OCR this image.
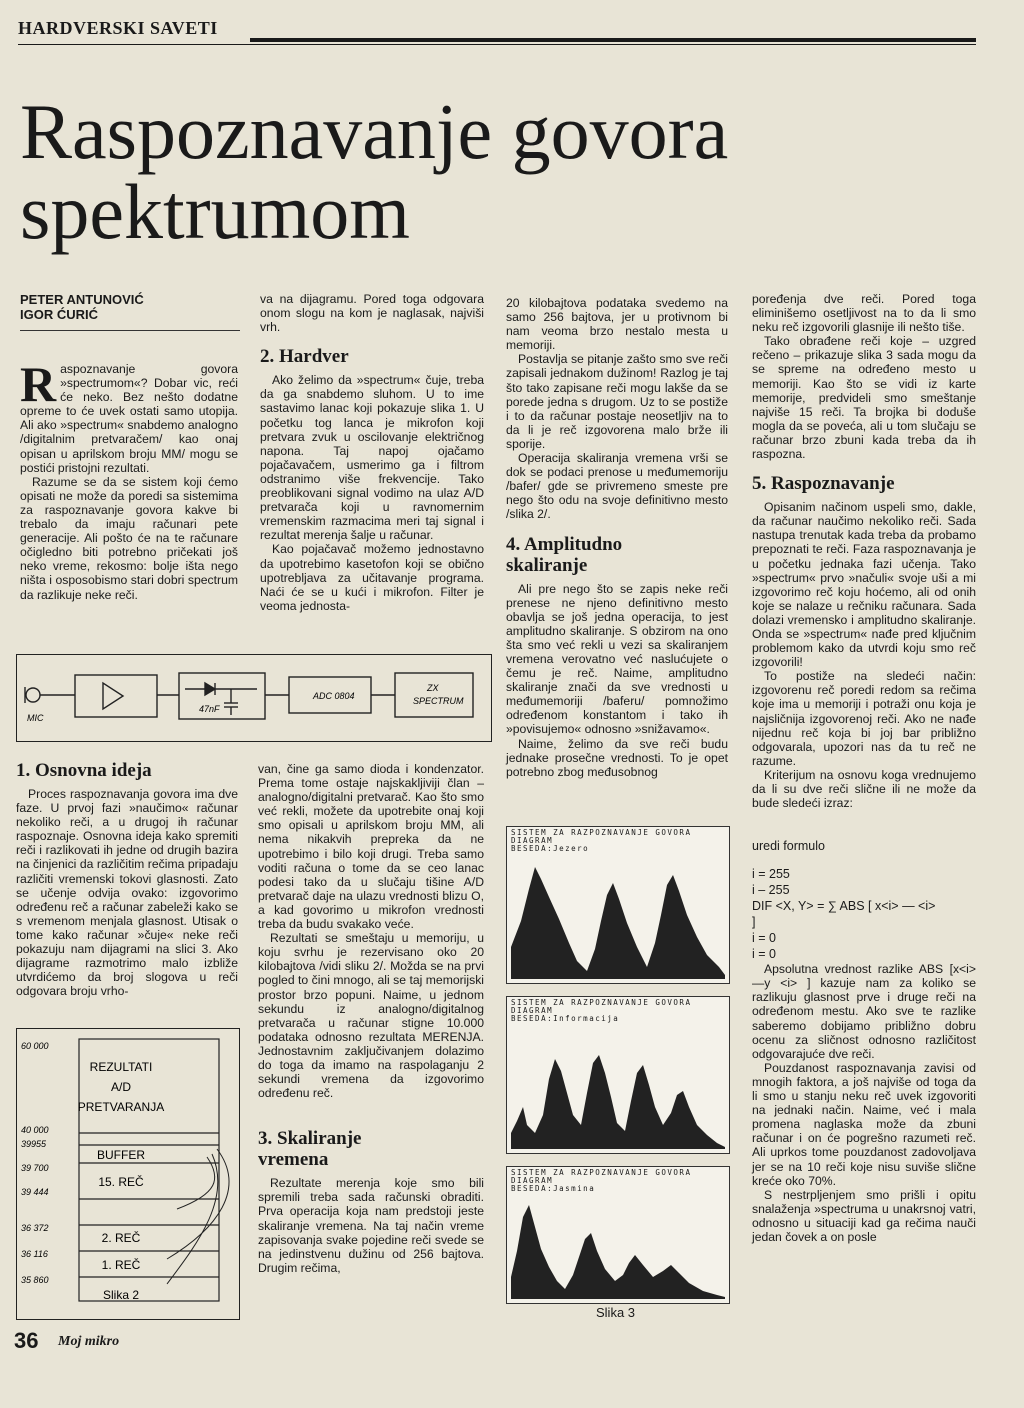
HARDVERSKI SAVETI
Raspoznavanje govora
spektrumom
PETER ANTUNOVIĆ
IGOR ĆURIĆ

Raspoznavanje govora »spectrumom«? Dobar vic, reći će neko. Bez nešto dodatne opreme to će uvek ostati samo utopija. Ali ako »spectrum« snabdemo analogno /digitalnim pretvaračem/ kao onaj opisan u aprilskom broju MM/ mogu se postići pristojni rezultati.

Razume se da se sistem koji ćemo opisati ne može da poredi sa sistemima za raspoznavanje govora kakve bi trebalo da imaju računari pete generacije. Ali pošto će na te računare očigledno biti potrebno pričekati još neko vreme, rekosmo: bolje išta nego ništa i osposobismo stari dobri spectrum da razlikuje neke reči.

va na dijagramu. Pored toga odgovara onom slogu na kom je naglasak, najviši vrh.

2. Hardver

Ako želimo da »spectrum« čuje, treba da ga snabdemo sluhom. U to ime sastavimo lanac koji pokazuje slika 1. U početku tog lanca je mikrofon koji pretvara zvuk u oscilovanje električnog napona. Taj napoj ojačamo pojačavačem, usmerimo ga i filtrom odstranimo više frekvencije. Tako preoblikovani signal vodimo na ulaz A/D pretvarača koji u ravnomernim vremenskim razmacima meri taj signal i rezultat merenja šalje u računar.

Kao pojačavač možemo jednostavno da upotrebimo kasetofon koji se obično upotrebljava za učitavanje programa. Naći će se u kući i mikrofon. Filter je veoma jednosta-

20 kilobajtova podataka svedemo na samo 256 bajtova, jer u protivnom bi nam veoma brzo nestalo mesta u memoriji.

Postavlja se pitanje zašto smo sve reči zapisali jednakom dužinom! Razlog je taj što tako zapisane reči mogu lakše da se porede jedna s drugom. Uz to se postiže i to da računar postaje neosetljiv na to da li je reč izgovorena malo brže ili sporije.

Operacija skaliranja vremena vrši se dok se podaci prenose u međumemoriju /bafer/ gde se privremeno smeste pre nego što odu na svoje definitivno mesto /slika 2/.

4. Amplitudno
skaliranje

Ali pre nego što se zapis neke reči prenese ne njeno definitivno mesto obavlja se još jedna operacija, to jest amplitudno skaliranje. S obzirom na ono šta smo već rekli u vezi sa skaliranjem vremena verovatno već naslućujete o čemu je reč. Naime, amplitudno skaliranje znači da sve vrednosti u međumemoriji /baferu/ pomnožimo određenom konstantom i tako ih »povisujemo« odnosno »snižavamo«.

Naime, želimo da sve reči budu jednake prosečne vrednosti. To je opet potrebno zbog međusobnog

poređenja dve reči. Pored toga eliminišemo osetljivost na to da li smo neku reč izgovorili glasnije ili nešto tiše.

Tako obrađene reči koje – uzgred rečeno – prikazuje slika 3 sada mogu da se spreme na određeno mesto u memoriji. Kao što se vidi iz karte memorije, predvideli smo smeštanje najviše 15 reči. Ta brojka bi doduše mogla da se poveća, ali u tom slučaju se računar brzo zbuni kada treba da ih raspozna.

5. Raspoznavanje

Opisanim načinom uspeli smo, dakle, da računar naučimo nekoliko reči. Sada nastupa trenutak kada treba da probamo prepoznati te reči. Faza raspoznavanja je u početku jednaka fazi učenja. Tako »spectrum« prvo »načuli« svoje uši a mi izgovorimo reč koju hoćemo, ali od onih koje se nalaze u rečniku računara. Sada dolazi vremensko i amplitudno skaliranje. Onda se »spectrum« nađe pred ključnim problemom kako da utvrdi koju smo reč izgovorili!

To postiže na sledeći način: izgovorenu reč poredi redom sa rečima koje ima u memoriji i potraži onu koja je najsličnija izgovorenoj reči. Ako ne nađe nijednu reč koja bi joj bar približno odgovarala, upozori nas da tu reč ne razume.

Kriterijum na osnovu koga vrednujemo da li su dve reči slične ili ne može da bude sledeći izraz:

uredi formulo
i = 255
i – 255
DIF <X, Y> = ∑ ABS [ x<i> — <i>
]
i = 0
i = 0

Apsolutna vrednost razlike ABS [x<i> —y <i> ] kazuje nam za koliko se razlikuju glasnost prve i druge reči na određenom mestu. Ako sve te razlike saberemo dobijamo približno dobru ocenu za sličnost odnosno različitost odgovarajuće dve reči.

Pouzdanost raspoznavanja zavisi od mnogih faktora, a još najviše od toga da li smo u stanju neku reč uvek izgovoriti na jednaki način. Naime, već i mala promena naglaska može da zbuni računar i on će pogrešno razumeti reč. Ali uprkos tome pouzdanost zadovoljava jer se na 10 reči koje nisu suviše slične kreće oko 70%.

S nestrpljenjem smo prišli i opitu snalaženja »spectruma u unakrsnoj vatri, odnosno u situaciji kad ga rečima nauči jedan čovek a on posle

MIC
47nF
ADC 0804
ZX
SPECTRUM
1. Osnovna ideja

Proces raspoznavanja govora ima dve faze. U prvoj fazi »naučimo« računar nekoliko reči, a u drugoj ih računar raspoznaje. Osnovna ideja kako spremiti reči i razlikovati ih jedne od drugih bazira na činjenici da različitim rečima pripadaju različiti vremenski tokovi glasnosti. Zato se učenje odvija ovako: izgovorimo određenu reč a računar zabeleži kako se s vremenom menjala glasnost. Utisak o tome kako računar »čuje« neke reči pokazuju nam dijagrami na slici 3. Ako dijagrame razmotrimo malo izbliže utvrdićemo da broj slogova u reči odgovara broju vrho-

van, čine ga samo dioda i kondenzator. Prema tome ostaje najskakljiviji član – analogno/digitalni pretvarač. Kao što smo već rekli, možete da upotrebite onaj koji smo opisali u aprilskom broju MM, ali nema nikakvih prepreka da ne upotrebimo i bilo koji drugi. Treba samo voditi računa o tome da se ceo lanac podesi tako da u slučaju tišine A/D pretvarač daje na ulazu vrednosti blizu O, a kad govorimo u mikrofon vrednosti treba da budu svakako veće.

Rezultati se smeštaju u memoriju, u koju svrhu je rezervisano oko 20 kilobajtova /vidi sliku 2/. Možda se na prvi pogled to čini mnogo, ali se taj memorijski prostor brzo popuni. Naime, u jednom sekundu iz analogno/digitalnog pretvarača u računar stigne 10.000 podataka odnosno rezultata MERENJA. Jednostavnim zaključivanjem dolazimo do toga da imamo na raspolaganju 2 sekundi vremena da izgovorimo određenu reč.

3. Skaliranje
vremena

Rezultate merenja koje smo bili spremili treba sada računski obraditi. Prva operacija koja nam predstoji jeste skaliranje vremena. Na taj način vreme zapisovanja svake pojedine reči svede se na jedinstvenu dužinu od 256 bajtova. Drugim rečima,

60 000
40 000
39955
39 700
39 444
36 372
36 116
35 860
REZULTATI
A/D
PRETVARANJA
BUFFER
15. REČ
2. REČ
1. REČ
Slika 2
SISTEM ZA RAZPOZNAVANJE GOVORA
DIAGRAM
BESEDA:Jezero
SISTEM ZA RAZPOZNAVANJE GOVORA
DIAGRAM
BESEDA:Informacija
SISTEM ZA RAZPOZNAVANJE GOVORA
DIAGRAM
BESEDA:Jasmina
Slika 3
36 Moj mikro
